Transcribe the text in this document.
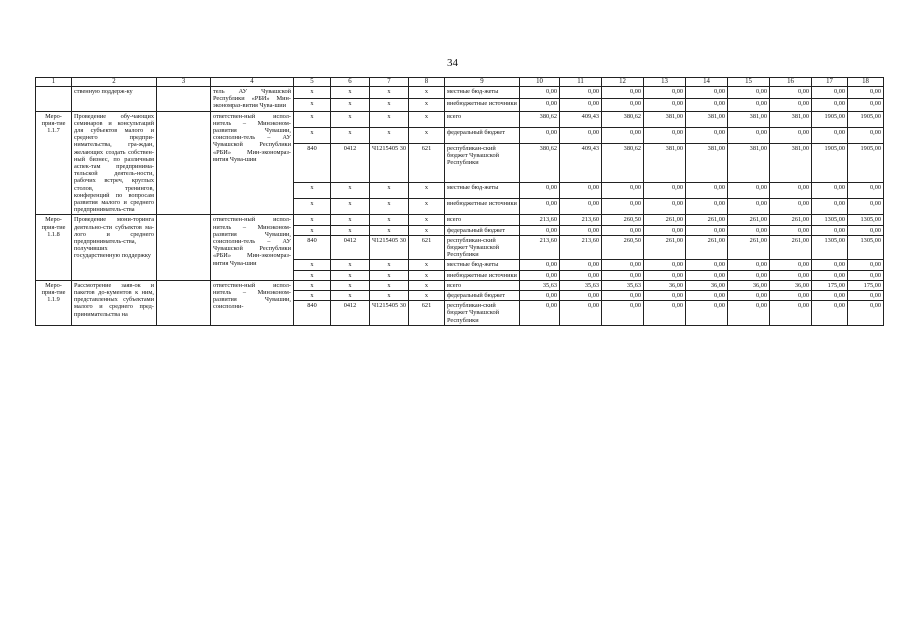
34
1	2	3	4	5	6	7	8	9	10	11	12	13	14	15	16	17	18
	ственную поддерж-ку		тель АУ Чувашской Республики «РБИ» Мин-экономраз-вития Чува-шии	x	x	x	x	местные бюд-жеты	0,00	0,00	0,00	0,00	0,00	0,00	0,00	0,00	0,00
				x	x	x	x	внебюджетные источники	0,00	0,00	0,00	0,00	0,00	0,00	0,00	0,00	0,00
Меро-прия-тие 1.1.7	Проведение обу-чающих семинаров и консультаций для субъектов малого и среднего предпри-нимательства, гра-ждан, желающих создать собствен-ный бизнес, по различным аспек-там предпринима-тельской деятель-ности, рабочих встреч, круглых столов, тренингов, конференций по вопросам развития малого и среднего предприниматель-ства		ответствен-ный испол-нитель – Минэконом-развития Чувашии, соисполни-тель – АУ Чувашской Республики «РБИ» Мин-экономраз-вития Чува-шии	x	x	x	x	всего	380,62	409,43	380,62	381,00	381,00	381,00	381,00	1905,00	1905,00
				x	x	x	x	федеральный бюджет	0,00	0,00	0,00	0,00	0,00	0,00	0,00	0,00	0,00
				840	0412	Ч1215405 30	621	республикан-ский бюджет Чувашской Республики	380,62	409,43	380,62	381,00	381,00	381,00	381,00	1905,00	1905,00
				x	x	x	x	местные бюд-жеты	0,00	0,00	0,00	0,00	0,00	0,00	0,00	0,00	0,00
				x	x	x	x	внебюджетные источники	0,00	0,00	0,00	0,00	0,00	0,00	0,00	0,00	0,00
Меро-прия-тие 1.1.8	Проведение мони-торинга деятельно-сти субъектов ма-лого и среднего предприниматель-ства, получивших государственную поддержку		ответствен-ный испол-нитель – Минэконом-развития Чувашии, соисполни-тель – АУ Чувашской Республики «РБИ» Мин-экономраз-вития Чува-шии	x	x	x	x	всего	213,60	213,60	260,50	261,00	261,00	261,00	261,00	1305,00	1305,00
				x	x	x	x	федеральный бюджет	0,00	0,00	0,00	0,00	0,00	0,00	0,00	0,00	0,00
				840	0412	Ч1215405 30	621	республикан-ский бюджет Чувашской Республики	213,60	213,60	260,50	261,00	261,00	261,00	261,00	1305,00	1305,00
				x	x	x	x	местные бюд-жеты	0,00	0,00	0,00	0,00	0,00	0,00	0,00	0,00	0,00
				x	x	x	x	внебюджетные источники	0,00	0,00	0,00	0,00	0,00	0,00	0,00	0,00	0,00
Меро-прия-тие 1.1.9	Рассмотрение заяв-ок и пакетов до-кументов к ним, представленных субъектами малого и среднего пред-принимательства на		ответствен-ный испол-нитель – Минэконом-развития Чувашии, соисполни-	x	x	x	x	всего	35,63	35,63	35,63	36,00	36,00	36,00	36,00	175,00	175,00
				x	x	x	x	федеральный бюджет	0,00	0,00	0,00	0,00	0,00	0,00	0,00	0,00	0,00
				840	0412	Ч1215405 30	621	республикан-ский бюджет Чувашской Республики	0,00	0,00	0,00	0,00	0,00	0,00	0,00	0,00	0,00
